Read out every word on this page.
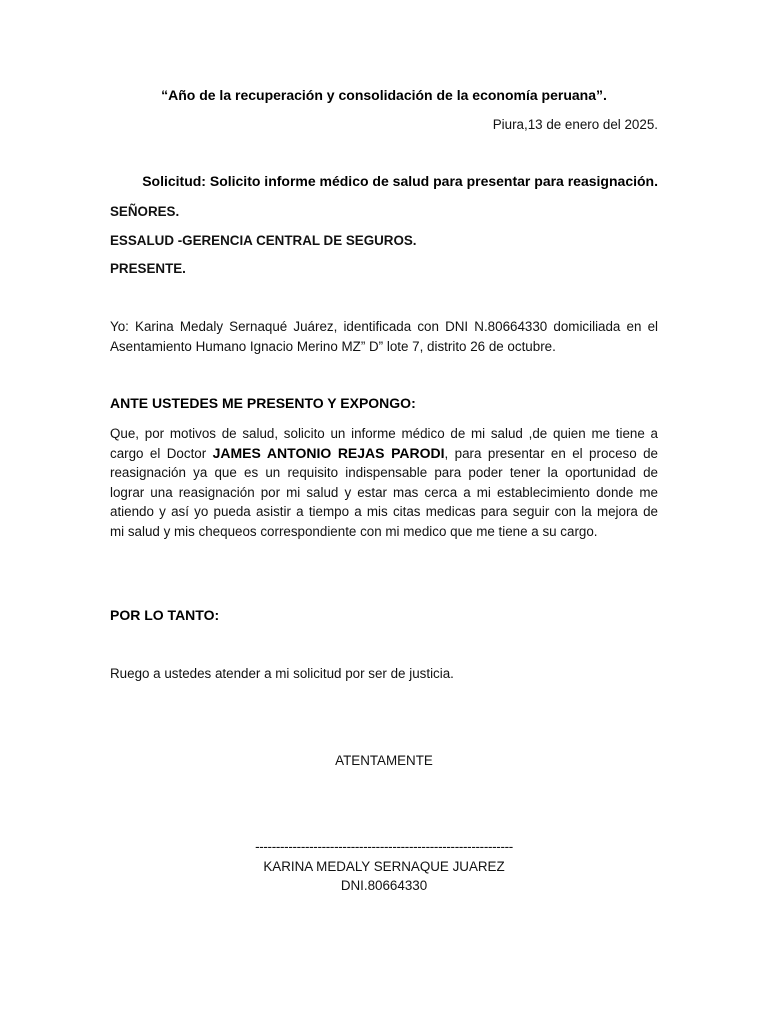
“Año de la recuperación y consolidación de la economía peruana”.
Piura,13 de enero del 2025.
Solicitud: Solicito informe médico de salud para presentar para reasignación.
SEÑORES.
ESSALUD -GERENCIA CENTRAL DE SEGUROS.
PRESENTE.
Yo: Karina Medaly Sernaqué Juárez, identificada con DNI N.80664330 domiciliada en el
Asentamiento Humano Ignacio Merino MZ” D” lote 7, distrito 26 de octubre.
ANTE USTEDES ME PRESENTO Y EXPONGO:
Que, por motivos de salud, solicito un informe médico de mi salud ,de quien me tiene a
cargo el Doctor JAMES ANTONIO REJAS PARODI, para presentar en el proceso de
reasignación ya que es un requisito indispensable para poder tener la oportunidad de
lograr una reasignación por mi salud y estar mas cerca a mi establecimiento donde me
atiendo y así yo pueda asistir a tiempo a mis citas medicas para seguir con la mejora de
mi salud y mis chequeos correspondiente con mi medico que me tiene a su cargo.
POR LO TANTO:
Ruego a ustedes atender a mi solicitud por ser de justicia.
ATENTAMENTE
--------------------------------------------------------------
KARINA MEDALY SERNAQUE JUAREZ
DNI.80664330
